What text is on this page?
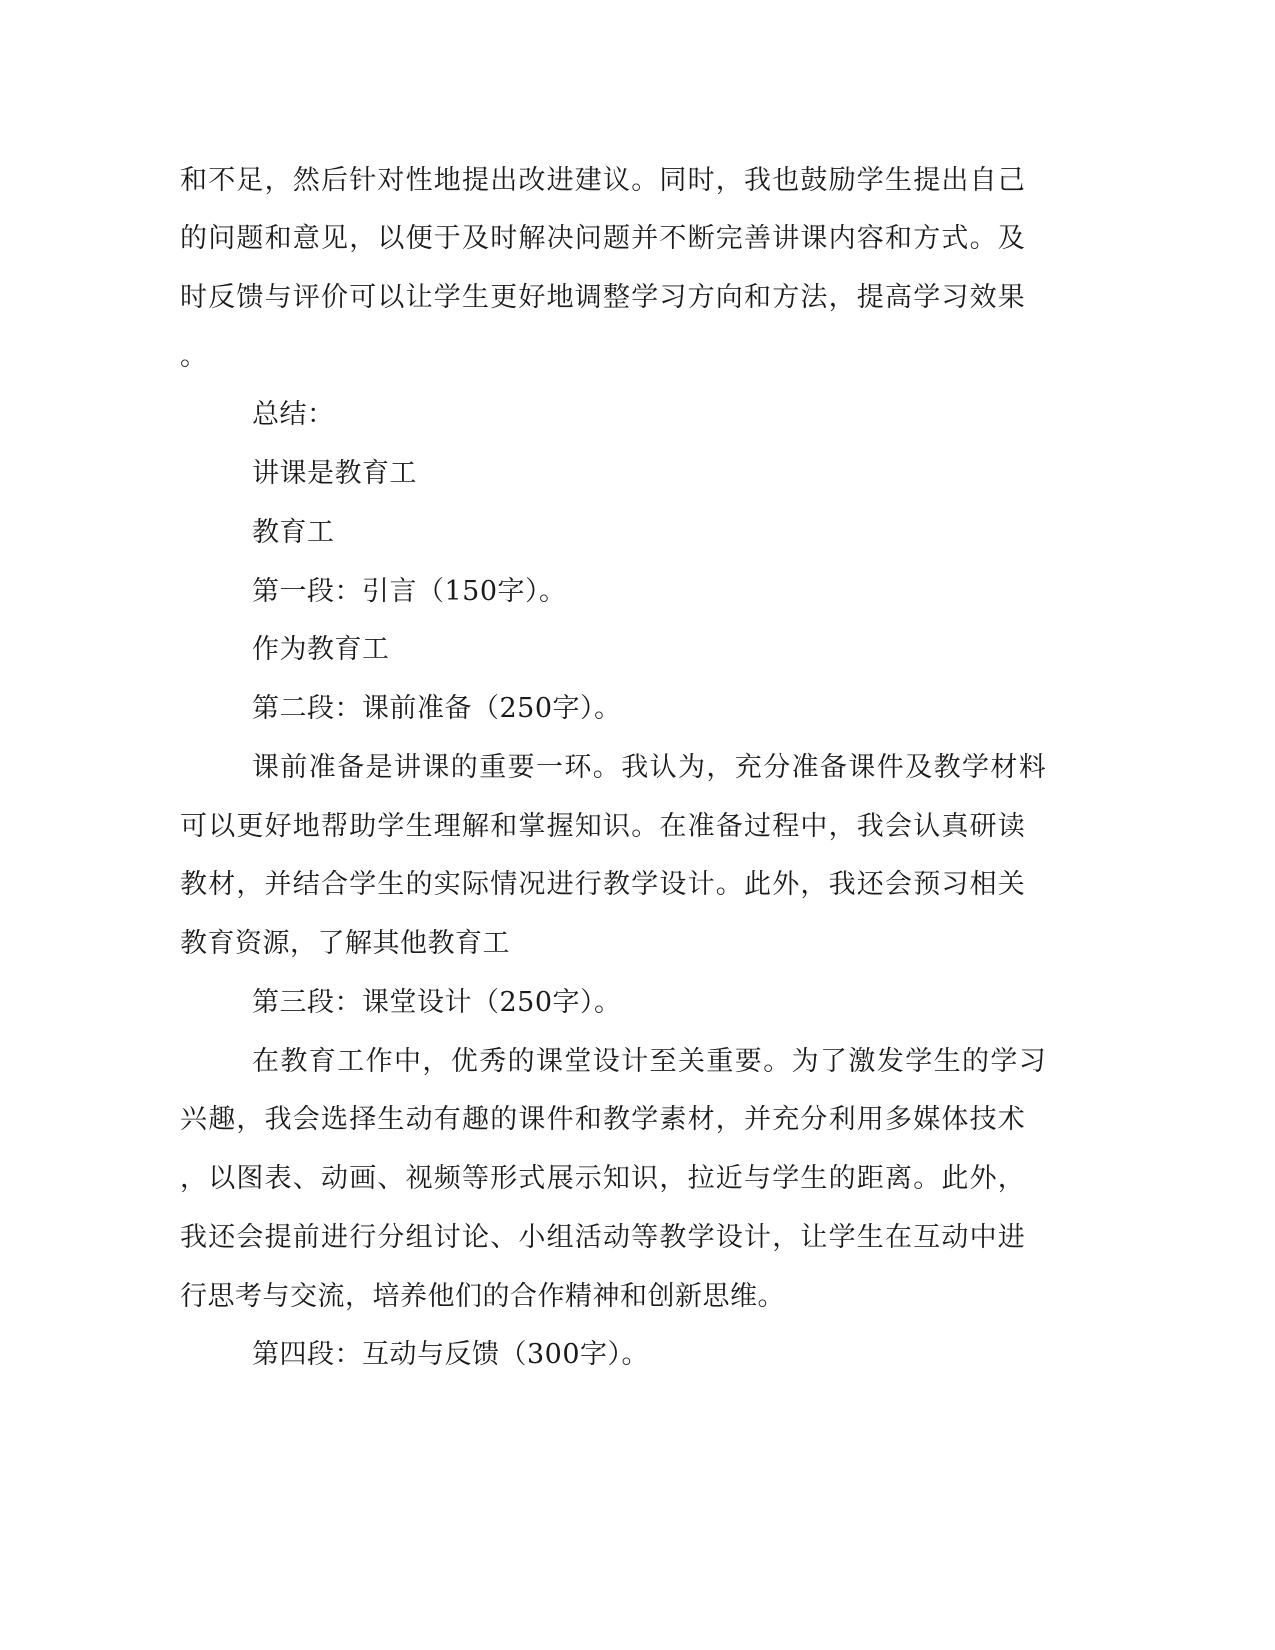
和不足，然后针对性地提出改进建议。同时，我也鼓励学生提出自己
的问题和意见，以便于及时解决问题并不断完善讲课内容和方式。及
时反馈与评价可以让学生更好地调整学习方向和方法，提高学习效果
。
总结：
讲课是教育工
教育工
第一段：引言（150字）。
作为教育工
第二段：课前准备（250字）。
课前准备是讲课的重要一环。我认为，充分准备课件及教学材料
可以更好地帮助学生理解和掌握知识。在准备过程中，我会认真研读
教材，并结合学生的实际情况进行教学设计。此外，我还会预习相关
教育资源，了解其他教育工
第三段：课堂设计（250字）。
在教育工作中，优秀的课堂设计至关重要。为了激发学生的学习
兴趣，我会选择生动有趣的课件和教学素材，并充分利用多媒体技术
，以图表、动画、视频等形式展示知识，拉近与学生的距离。此外，
我还会提前进行分组讨论、小组活动等教学设计，让学生在互动中进
行思考与交流，培养他们的合作精神和创新思维。
第四段：互动与反馈（300字）。
